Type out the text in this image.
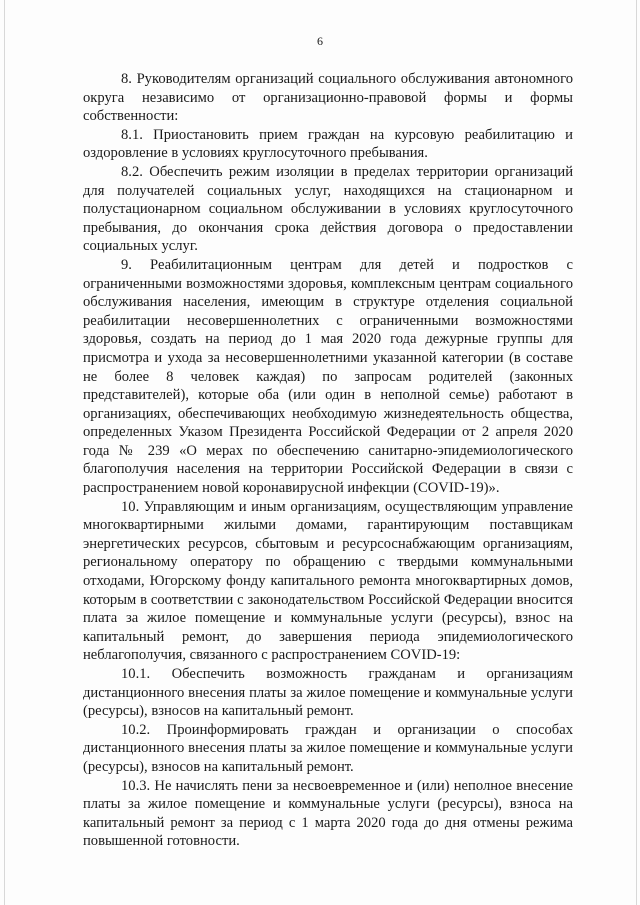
6

8. Руководителям организаций социального обслуживания автономного округа независимо от организационно-правовой формы и формы собственности:

8.1. Приостановить прием граждан на курсовую реабилитацию и оздоровление в условиях круглосуточного пребывания.

8.2. Обеспечить режим изоляции в пределах территории организаций для получателей социальных услуг, находящихся на стационарном и полустационарном социальном обслуживании в условиях круглосуточного пребывания, до окончания срока действия договора о предоставлении социальных услуг.

9. Реабилитационным центрам для детей и подростков с ограниченными возможностями здоровья, комплексным центрам социального обслуживания населения, имеющим в структуре отделения социальной реабилитации несовершеннолетних с ограниченными возможностями здоровья, создать на период до 1 мая 2020 года дежурные группы для присмотра и ухода за несовершеннолетними указанной категории (в составе не более 8 человек каждая) по запросам родителей (законных представителей), которые оба (или один в неполной семье) работают в организациях, обеспечивающих необходимую жизнедеятельность общества, определенных Указом Президента Российской Федерации от 2 апреля 2020 года № 239 «О мерах по обеспечению санитарно-эпидемиологического благополучия населения на территории Российской Федерации в связи с распространением новой коронавирусной инфекции (COVID-19)».

10. Управляющим и иным организациям, осуществляющим управление многоквартирными жилыми домами, гарантирующим поставщикам энергетических ресурсов, сбытовым и ресурсоснабжающим организациям, региональному оператору по обращению с твердыми коммунальными отходами, Югорскому фонду капитального ремонта многоквартирных домов, которым в соответствии с законодательством Российской Федерации вносится плата за жилое помещение и коммунальные услуги (ресурсы), взнос на капитальный ремонт, до завершения периода эпидемиологического неблагополучия, связанного с распространением COVID-19:

10.1. Обеспечить возможность гражданам и организациям дистанционного внесения платы за жилое помещение и коммунальные услуги (ресурсы), взносов на капитальный ремонт.

10.2. Проинформировать граждан и организации о способах дистанционного внесения платы за жилое помещение и коммунальные услуги (ресурсы), взносов на капитальный ремонт.

10.3. Не начислять пени за несвоевременное и (или) неполное внесение платы за жилое помещение и коммунальные услуги (ресурсы), взноса на капитальный ремонт за период с 1 марта 2020 года до дня отмены режима повышенной готовности.
